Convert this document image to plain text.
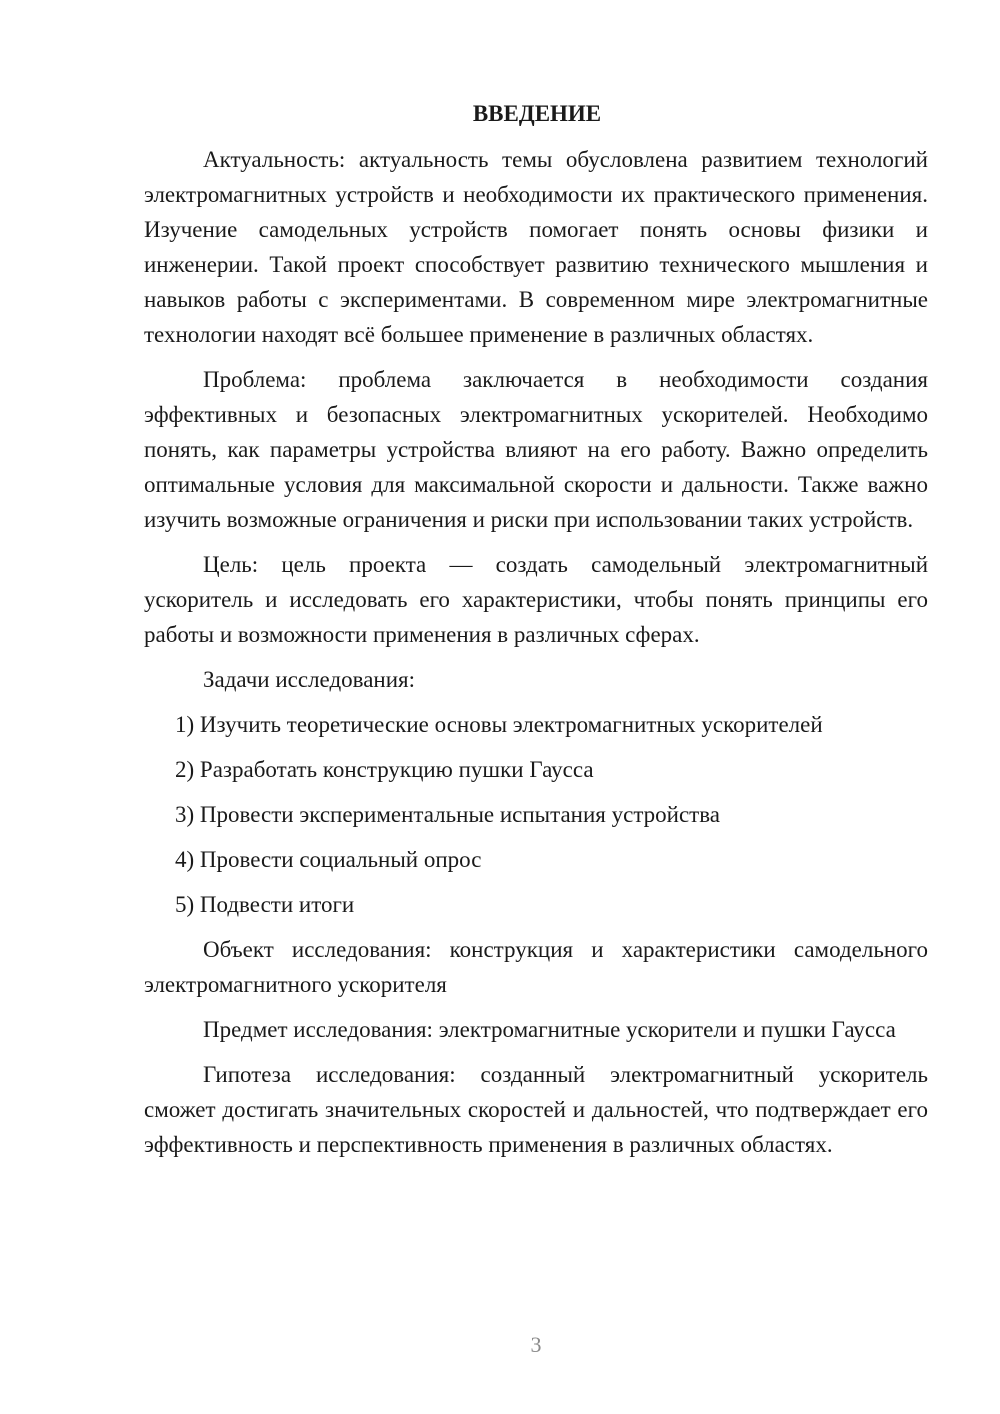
ВВЕДЕНИЕ

Актуальность: актуальность темы обусловлена развитием технологий электромагнитных устройств и необходимости их практического применения. Изучение самодельных устройств помогает понять основы физики и инженерии. Такой проект способствует развитию технического мышления и навыков работы с экспериментами. В современном мире электромагнитные технологии находят всё большее применение в различных областях.

Проблема: проблема заключается в необходимости создания эффективных и безопасных электромагнитных ускорителей. Необходимо понять, как параметры устройства влияют на его работу. Важно определить оптимальные условия для максимальной скорости и дальности. Также важно изучить возможные ограничения и риски при использовании таких устройств.

Цель: цель проекта — создать самодельный электромагнитный ускоритель и исследовать его характеристики, чтобы понять принципы его работы и возможности применения в различных сферах.

Задачи исследования:

1) Изучить теоретические основы электромагнитных ускорителей
2) Разработать конструкцию пушки Гаусса
3) Провести экспериментальные испытания устройства
4) Провести социальный опрос
5) Подвести итоги

Объект исследования: конструкция и характеристики самодельного электромагнитного ускорителя

Предмет исследования: электромагнитные ускорители и пушки Гаусса

Гипотеза исследования: созданный электромагнитный ускоритель сможет достигать значительных скоростей и дальностей, что подтверждает его эффективность и перспективность применения в различных областях.

3
